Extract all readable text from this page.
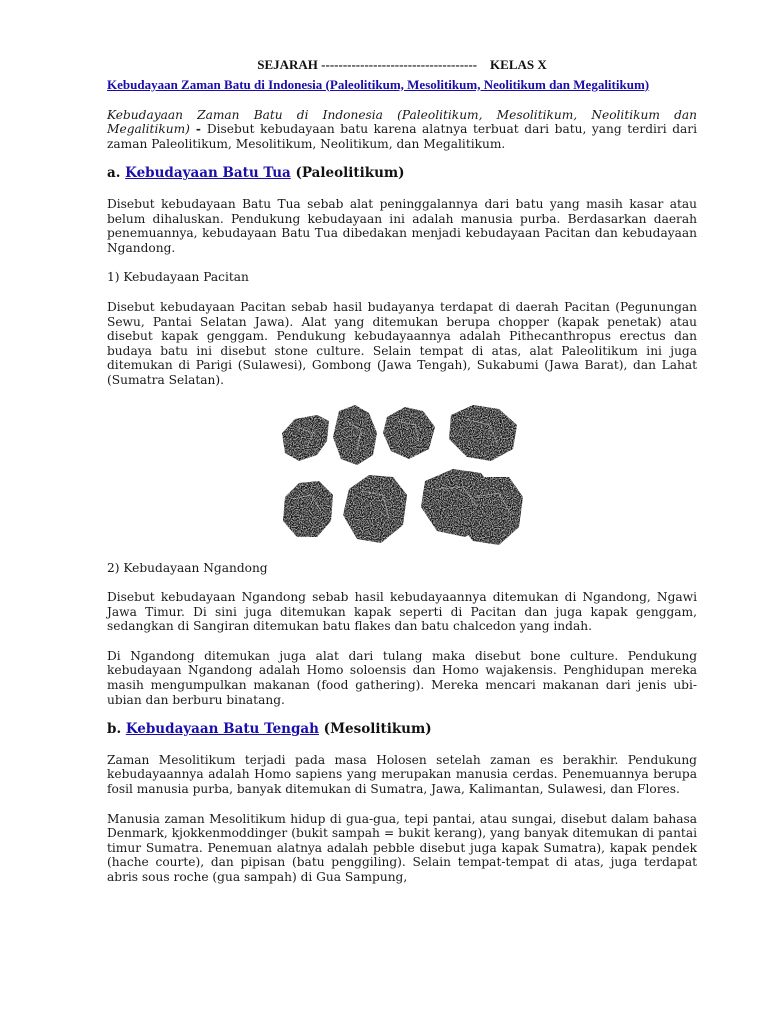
SEJARAH ------------------------------------ KELAS X
Kebudayaan Zaman Batu di Indonesia (Paleolitikum, Mesolitikum, Neolitikum dan Megalitikum)

Kebudayaan Zaman Batu di Indonesia (Paleolitikum, Mesolitikum, Neolitikum dan Megalitikum) - Disebut kebudayaan batu karena alatnya terbuat dari batu, yang terdiri dari zaman Paleolitikum, Mesolitikum, Neolitikum, dan Megalitikum.

a. Kebudayaan Batu Tua (Paleolitikum)

Disebut kebudayaan Batu Tua sebab alat peninggalannya dari batu yang masih kasar atau belum dihaluskan. Pendukung kebudayaan ini adalah manusia purba. Berdasarkan daerah penemuannya, kebudayaan Batu Tua dibedakan menjadi kebudayaan Pacitan dan kebudayaan Ngandong.

1) Kebudayaan Pacitan

Disebut kebudayaan Pacitan sebab hasil budayanya terdapat di daerah Pacitan (Pegunungan Sewu, Pantai Selatan Jawa). Alat yang ditemukan berupa chopper (kapak penetak) atau disebut kapak genggam. Pendukung kebudayaannya adalah Pithecanthropus erectus dan budaya batu ini disebut stone culture. Selain tempat di atas, alat Paleolitikum ini juga ditemukan di Parigi (Sulawesi), Gombong (Jawa Tengah), Sukabumi (Jawa Barat), dan Lahat (Sumatra Selatan).

2) Kebudayaan Ngandong

Disebut kebudayaan Ngandong sebab hasil kebudayaannya ditemukan di Ngandong, Ngawi Jawa Timur. Di sini juga ditemukan kapak seperti di Pacitan dan juga kapak genggam, sedangkan di Sangiran ditemukan batu flakes dan batu chalcedon yang indah.

Di Ngandong ditemukan juga alat dari tulang maka disebut bone culture. Pendukung kebudayaan Ngandong adalah Homo soloensis dan Homo wajakensis. Penghidupan mereka masih mengumpulkan makanan (food gathering). Mereka mencari makanan dari jenis ubi-ubian dan berburu binatang.

b. Kebudayaan Batu Tengah (Mesolitikum)

Zaman Mesolitikum terjadi pada masa Holosen setelah zaman es berakhir. Pendukung kebudayaannya adalah Homo sapiens yang merupakan manusia cerdas. Penemuannya berupa fosil manusia purba, banyak ditemukan di Sumatra, Jawa, Kalimantan, Sulawesi, dan Flores.

Manusia zaman Mesolitikum hidup di gua-gua, tepi pantai, atau sungai, disebut dalam bahasa Denmark, kjokkenmoddinger (bukit sampah = bukit kerang), yang banyak ditemukan di pantai timur Sumatra. Penemuan alatnya adalah pebble disebut juga kapak Sumatra), kapak pendek (hache courte), dan pipisan (batu penggiling). Selain tempat-tempat di atas, juga terdapat abris sous roche (gua sampah) di Gua Sampung,
